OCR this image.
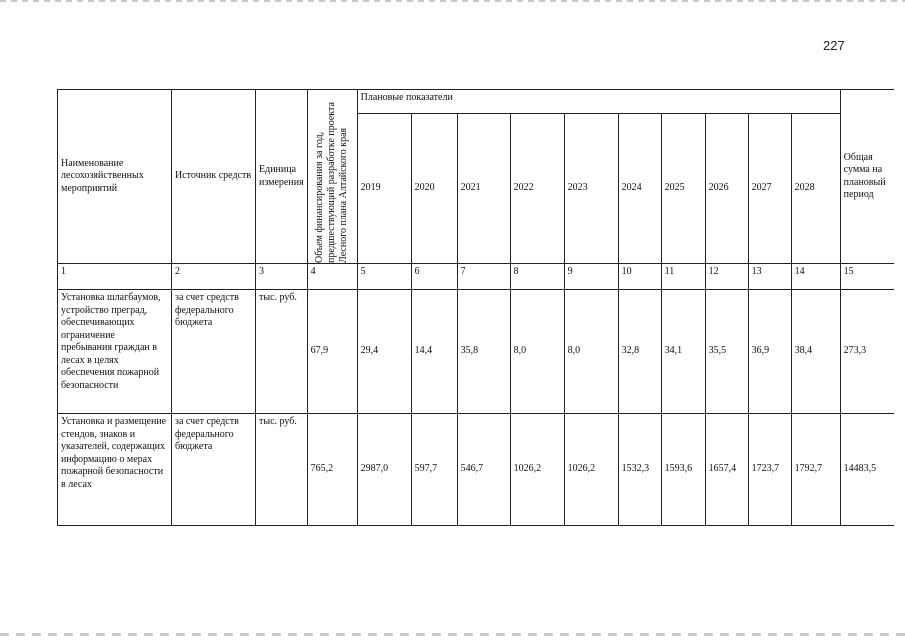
227
Наименование лесохозяйственных мероприятий	Источник средств	Единица измерения	Объем финансирования за год, предшествующий разработке проекта Лесного плана Алтайского края	Плановые показатели										Общая сумма на плановый период
				2019	2020	2021	2022	2023	2024	2025	2026	2027	2028	
1	2	3	4	5	6	7	8	9	10	11	12	13	14	15
Установка шлагбаумов, устройство преград, обеспечивающих ограничение пребывания граждан в лесах в целях обеспечения пожарной безопасности	за счет средств федерального бюджета	тыс. руб.	67,9	29,4	14,4	35,8	8,0	8,0	32,8	34,1	35,5	36,9	38,4	273,3
Установка и размещение стендов, знаков и указателей, содержащих информацию о мерах пожарной безопасности в лесах	за счет средств федерального бюджета	тыс. руб.	765,2	2987,0	597,7	546,7	1026,2	1026,2	1532,3	1593,6	1657,4	1723,7	1792,7	14483,5
